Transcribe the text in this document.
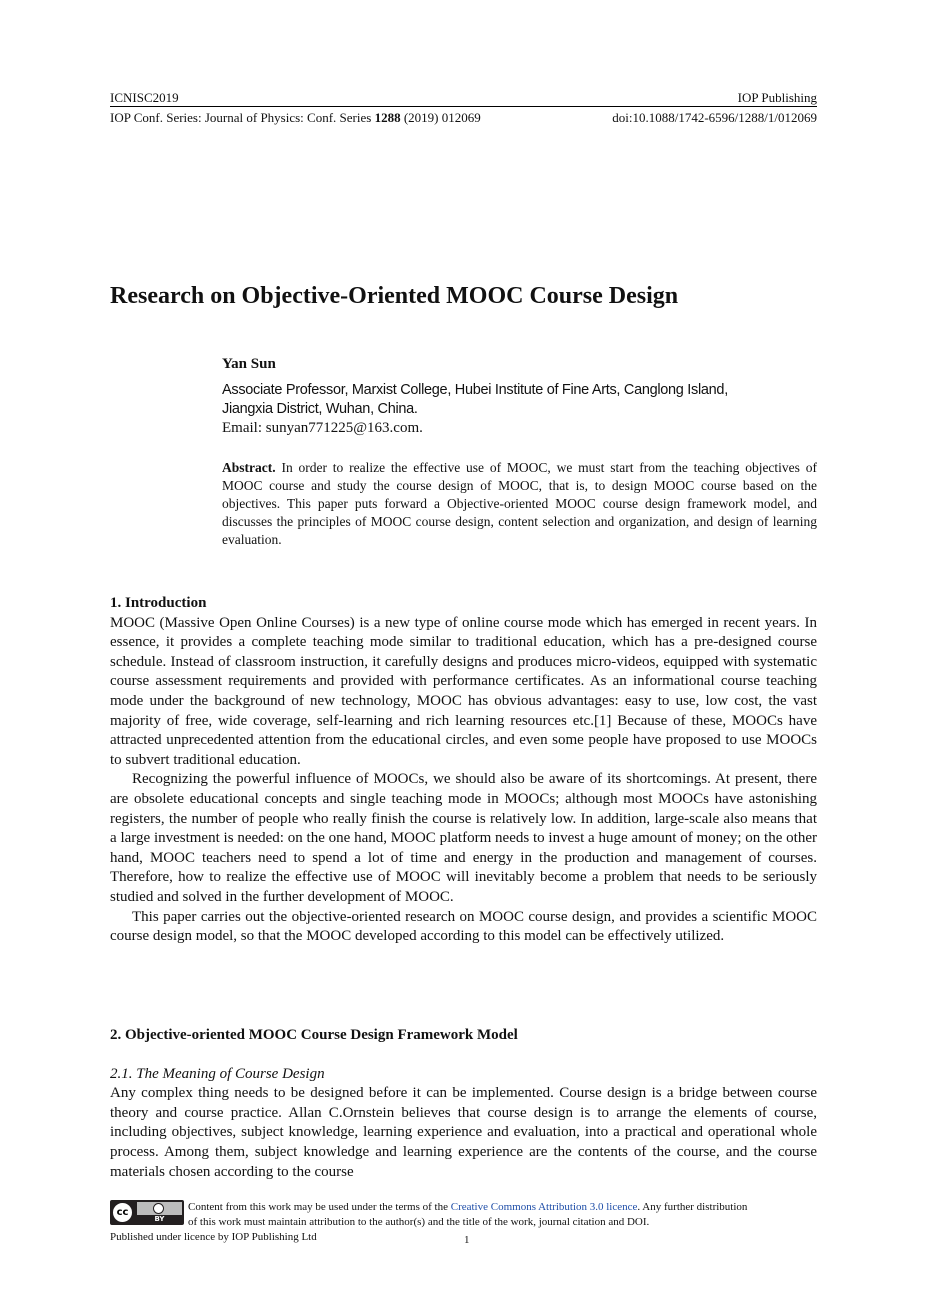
ICNISC2019	IOP Publishing
IOP Conf. Series: Journal of Physics: Conf. Series 1288 (2019) 012069	doi:10.1088/1742-6596/1288/1/012069
Research on Objective-Oriented MOOC Course Design
Yan Sun
Associate Professor, Marxist College, Hubei Institute of Fine Arts, Canglong Island,
Jiangxia District, Wuhan, China.
Email: sunyan771225@163.com.
Abstract. In order to realize the effective use of MOOC, we must start from the teaching objectives of MOOC course and study the course design of MOOC, that is, to design MOOC course based on the objectives. This paper puts forward a Objective-oriented MOOC course design framework model, and discusses the principles of MOOC course design, content selection and organization, and design of learning evaluation.
1. Introduction

MOOC (Massive Open Online Courses) is a new type of online course mode which has emerged in recent years. In essence, it provides a complete teaching mode similar to traditional education, which has a pre-designed course schedule. Instead of classroom instruction, it carefully designs and produces micro-videos, equipped with systematic course assessment requirements and provided with performance certificates. As an informational course teaching mode under the background of new technology, MOOC has obvious advantages: easy to use, low cost, the vast majority of free, wide coverage, self-learning and rich learning resources etc.[1] Because of these, MOOCs have attracted unprecedented attention from the educational circles, and even some people have proposed to use MOOCs to subvert traditional education.

Recognizing the powerful influence of MOOCs, we should also be aware of its shortcomings. At present, there are obsolete educational concepts and single teaching mode in MOOCs; although most MOOCs have astonishing registers, the number of people who really finish the course is relatively low. In addition, large-scale also means that a large investment is needed: on the one hand, MOOC platform needs to invest a huge amount of money; on the other hand, MOOC teachers need to spend a lot of time and energy in the production and management of courses. Therefore, how to realize the effective use of MOOC will inevitably become a problem that needs to be seriously studied and solved in the further development of MOOC.

This paper carries out the objective-oriented research on MOOC course design, and provides a scientific MOOC course design model, so that the MOOC developed according to this model can be effectively utilized.

2. Objective-oriented MOOC Course Design Framework Model
2.1. The Meaning of Course Design

Any complex thing needs to be designed before it can be implemented. Course design is a bridge between course theory and course practice. Allan C.Ornstein believes that course design is to arrange the elements of course, including objectives, subject knowledge, learning experience and evaluation, into a practical and operational whole process. Among them, subject knowledge and learning experience are the contents of the course, and the course materials chosen according to the course

cc
BY
Content from this work may be used under the terms of the Creative Commons Attribution 3.0 licence. Any further distribution
of this work must maintain attribution to the author(s) and the title of the work, journal citation and DOI.
Published under licence by IOP Publishing Ltd	1
